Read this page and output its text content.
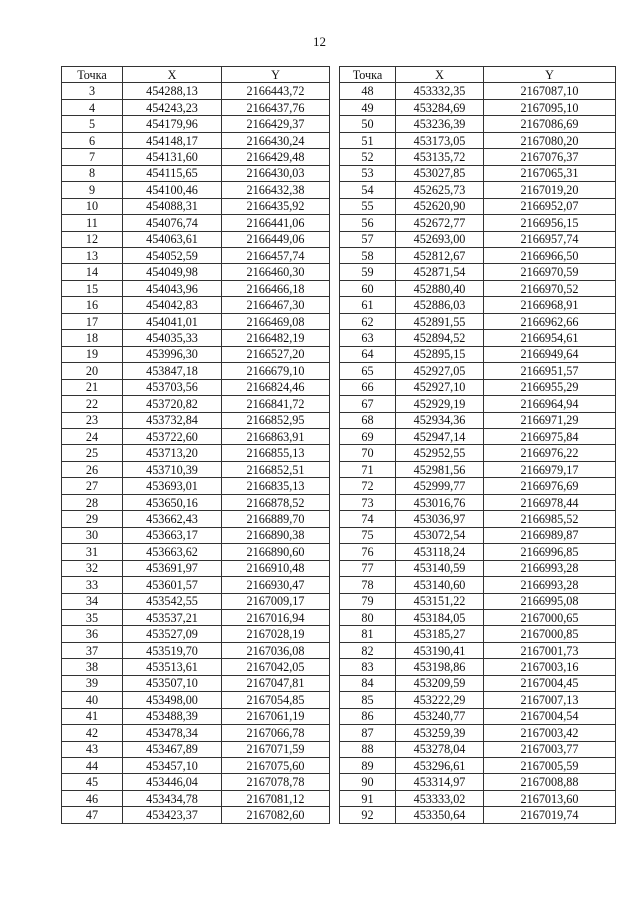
12
Точка	X	Y
3	454288,13	2166443,72
4	454243,23	2166437,76
5	454179,96	2166429,37
6	454148,17	2166430,24
7	454131,60	2166429,48
8	454115,65	2166430,03
9	454100,46	2166432,38
10	454088,31	2166435,92
11	454076,74	2166441,06
12	454063,61	2166449,06
13	454052,59	2166457,74
14	454049,98	2166460,30
15	454043,96	2166466,18
16	454042,83	2166467,30
17	454041,01	2166469,08
18	454035,33	2166482,19
19	453996,30	2166527,20
20	453847,18	2166679,10
21	453703,56	2166824,46
22	453720,82	2166841,72
23	453732,84	2166852,95
24	453722,60	2166863,91
25	453713,20	2166855,13
26	453710,39	2166852,51
27	453693,01	2166835,13
28	453650,16	2166878,52
29	453662,43	2166889,70
30	453663,17	2166890,38
31	453663,62	2166890,60
32	453691,97	2166910,48
33	453601,57	2166930,47
34	453542,55	2167009,17
35	453537,21	2167016,94
36	453527,09	2167028,19
37	453519,70	2167036,08
38	453513,61	2167042,05
39	453507,10	2167047,81
40	453498,00	2167054,85
41	453488,39	2167061,19
42	453478,34	2167066,78
43	453467,89	2167071,59
44	453457,10	2167075,60
45	453446,04	2167078,78
46	453434,78	2167081,12
47	453423,37	2167082,60
Точка	X	Y
48	453332,35	2167087,10
49	453284,69	2167095,10
50	453236,39	2167086,69
51	453173,05	2167080,20
52	453135,72	2167076,37
53	453027,85	2167065,31
54	452625,73	2167019,20
55	452620,90	2166952,07
56	452672,77	2166956,15
57	452693,00	2166957,74
58	452812,67	2166966,50
59	452871,54	2166970,59
60	452880,40	2166970,52
61	452886,03	2166968,91
62	452891,55	2166962,66
63	452894,52	2166954,61
64	452895,15	2166949,64
65	452927,05	2166951,57
66	452927,10	2166955,29
67	452929,19	2166964,94
68	452934,36	2166971,29
69	452947,14	2166975,84
70	452952,55	2166976,22
71	452981,56	2166979,17
72	452999,77	2166976,69
73	453016,76	2166978,44
74	453036,97	2166985,52
75	453072,54	2166989,87
76	453118,24	2166996,85
77	453140,59	2166993,28
78	453140,60	2166993,28
79	453151,22	2166995,08
80	453184,05	2167000,65
81	453185,27	2167000,85
82	453190,41	2167001,73
83	453198,86	2167003,16
84	453209,59	2167004,45
85	453222,29	2167007,13
86	453240,77	2167004,54
87	453259,39	2167003,42
88	453278,04	2167003,77
89	453296,61	2167005,59
90	453314,97	2167008,88
91	453333,02	2167013,60
92	453350,64	2167019,74
